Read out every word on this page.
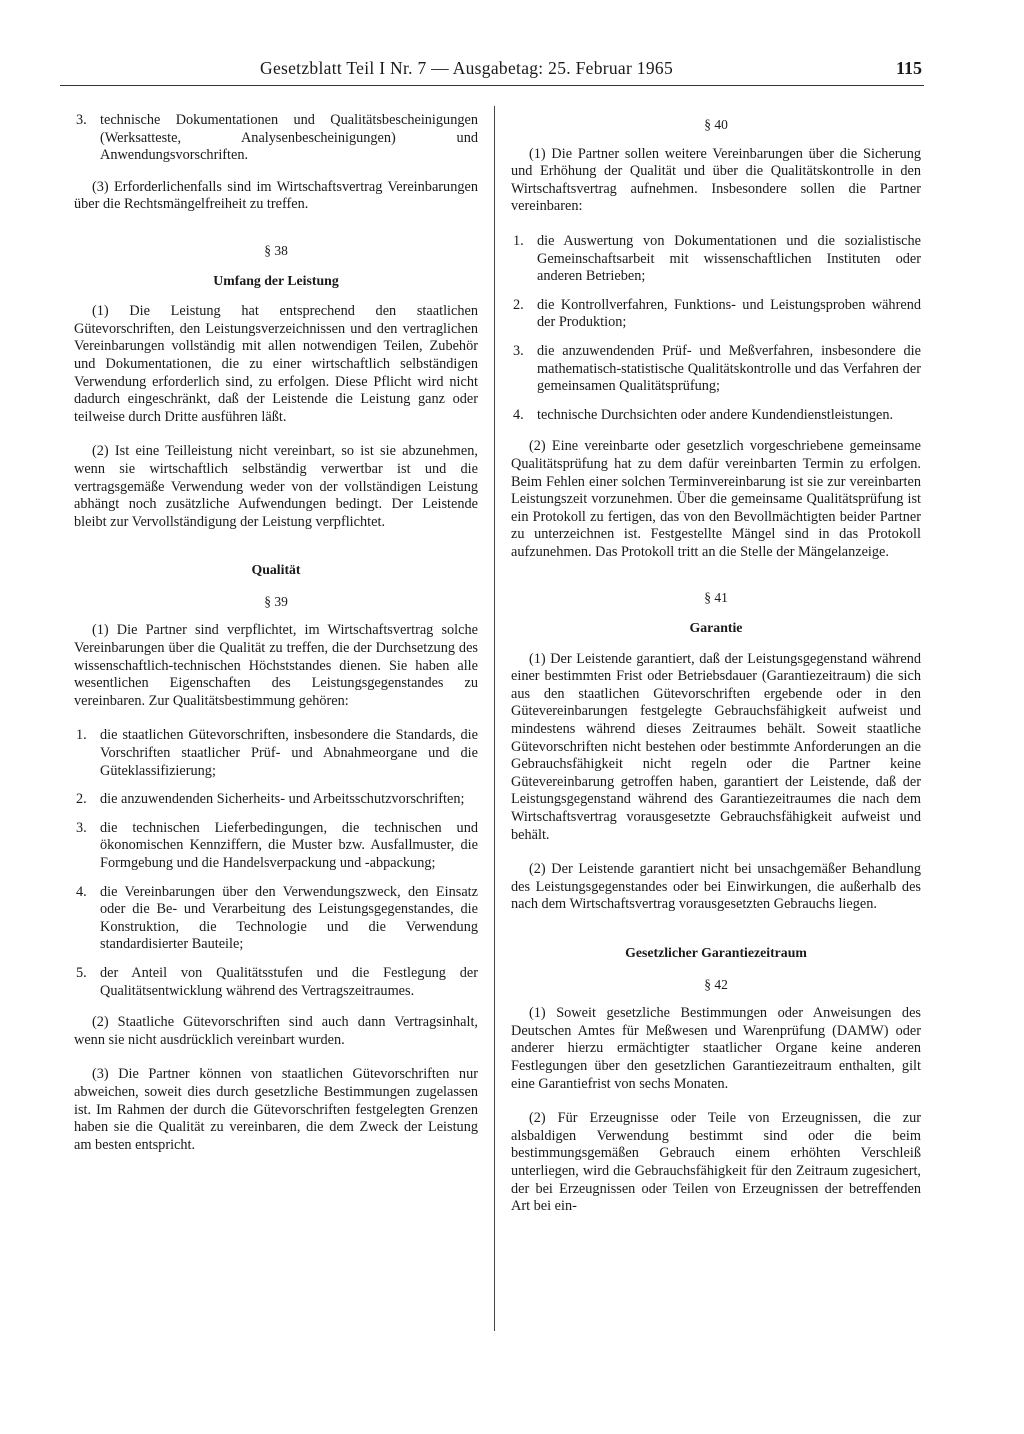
Gesetzblatt Teil I Nr. 7 — Ausgabetag: 25. Februar 1965	115
3. technische Dokumentationen und Qualitätsbescheinigungen (Werksatteste, Analysenbescheinigungen) und Anwendungsvorschriften.

(3) Erforderlichenfalls sind im Wirtschaftsvertrag Vereinbarungen über die Rechtsmängelfreiheit zu treffen.

§ 38
Umfang der Leistung

(1) Die Leistung hat entsprechend den staatlichen Gütevorschriften, den Leistungsverzeichnissen und den vertraglichen Vereinbarungen vollständig mit allen notwendigen Teilen, Zubehör und Dokumentationen, die zu einer wirtschaftlich selbständigen Verwendung erforderlich sind, zu erfolgen. Diese Pflicht wird nicht dadurch eingeschränkt, daß der Leistende die Leistung ganz oder teilweise durch Dritte ausführen läßt.

(2) Ist eine Teilleistung nicht vereinbart, so ist sie abzunehmen, wenn sie wirtschaftlich selbständig verwertbar ist und die vertragsgemäße Verwendung weder von der vollständigen Leistung abhängt noch zusätzliche Aufwendungen bedingt. Der Leistende bleibt zur Vervollständigung der Leistung verpflichtet.

Qualität
§ 39

(1) Die Partner sind verpflichtet, im Wirtschaftsvertrag solche Vereinbarungen über die Qualität zu treffen, die der Durchsetzung des wissenschaftlich-technischen Höchststandes dienen. Sie haben alle wesentlichen Eigenschaften des Leistungsgegenstandes zu vereinbaren. Zur Qualitätsbestimmung gehören:

1. die staatlichen Gütevorschriften, insbesondere die Standards, die Vorschriften staatlicher Prüf- und Abnahmeorgane und die Güteklassifizierung;
2. die anzuwendenden Sicherheits- und Arbeitsschutzvorschriften;
3. die technischen Lieferbedingungen, die technischen und ökonomischen Kennziffern, die Muster bzw. Ausfallmuster, die Formgebung und die Handelsverpackung und -abpackung;
4. die Vereinbarungen über den Verwendungszweck, den Einsatz oder die Be- und Verarbeitung des Leistungsgegenstandes, die Konstruktion, die Technologie und die Verwendung standardisierter Bauteile;
5. der Anteil von Qualitätsstufen und die Festlegung der Qualitätsentwicklung während des Vertragszeitraumes.

(2) Staatliche Gütevorschriften sind auch dann Vertragsinhalt, wenn sie nicht ausdrücklich vereinbart wurden.

(3) Die Partner können von staatlichen Gütevorschriften nur abweichen, soweit dies durch gesetzliche Bestimmungen zugelassen ist. Im Rahmen der durch die Gütevorschriften festgelegten Grenzen haben sie die Qualität zu vereinbaren, die dem Zweck der Leistung am besten entspricht.

§ 40

(1) Die Partner sollen weitere Vereinbarungen über die Sicherung und Erhöhung der Qualität und über die Qualitätskontrolle in den Wirtschaftsvertrag aufnehmen. Insbesondere sollen die Partner vereinbaren:

1. die Auswertung von Dokumentationen und die sozialistische Gemeinschaftsarbeit mit wissenschaftlichen Instituten oder anderen Betrieben;
2. die Kontrollverfahren, Funktions- und Leistungsproben während der Produktion;
3. die anzuwendenden Prüf- und Meßverfahren, insbesondere die mathematisch-statistische Qualitätskontrolle und das Verfahren der gemeinsamen Qualitätsprüfung;
4. technische Durchsichten oder andere Kundendienstleistungen.

(2) Eine vereinbarte oder gesetzlich vorgeschriebene gemeinsame Qualitätsprüfung hat zu dem dafür vereinbarten Termin zu erfolgen. Beim Fehlen einer solchen Terminvereinbarung ist sie zur vereinbarten Leistungszeit vorzunehmen. Über die gemeinsame Qualitätsprüfung ist ein Protokoll zu fertigen, das von den Bevollmächtigten beider Partner zu unterzeichnen ist. Festgestellte Mängel sind in das Protokoll aufzunehmen. Das Protokoll tritt an die Stelle der Mängelanzeige.

§ 41
Garantie

(1) Der Leistende garantiert, daß der Leistungsgegenstand während einer bestimmten Frist oder Betriebsdauer (Garantiezeitraum) die sich aus den staatlichen Gütevorschriften ergebende oder in den Gütevereinbarungen festgelegte Gebrauchsfähigkeit aufweist und mindestens während dieses Zeitraumes behält. Soweit staatliche Gütevorschriften nicht bestehen oder bestimmte Anforderungen an die Gebrauchsfähigkeit nicht regeln oder die Partner keine Gütevereinbarung getroffen haben, garantiert der Leistende, daß der Leistungsgegenstand während des Garantiezeitraumes die nach dem Wirtschaftsvertrag vorausgesetzte Gebrauchsfähigkeit aufweist und behält.

(2) Der Leistende garantiert nicht bei unsachgemäßer Behandlung des Leistungsgegenstandes oder bei Einwirkungen, die außerhalb des nach dem Wirtschaftsvertrag vorausgesetzten Gebrauchs liegen.

Gesetzlicher Garantiezeitraum
§ 42

(1) Soweit gesetzliche Bestimmungen oder Anweisungen des Deutschen Amtes für Meßwesen und Warenprüfung (DAMW) oder anderer hierzu ermächtigter staatlicher Organe keine anderen Festlegungen über den gesetzlichen Garantiezeitraum enthalten, gilt eine Garantiefrist von sechs Monaten.

(2) Für Erzeugnisse oder Teile von Erzeugnissen, die zur alsbaldigen Verwendung bestimmt sind oder die beim bestimmungsgemäßen Gebrauch einem erhöhten Verschleiß unterliegen, wird die Gebrauchsfähigkeit für den Zeitraum zugesichert, der bei Erzeugnissen oder Teilen von Erzeugnissen der betreffenden Art bei ein-
